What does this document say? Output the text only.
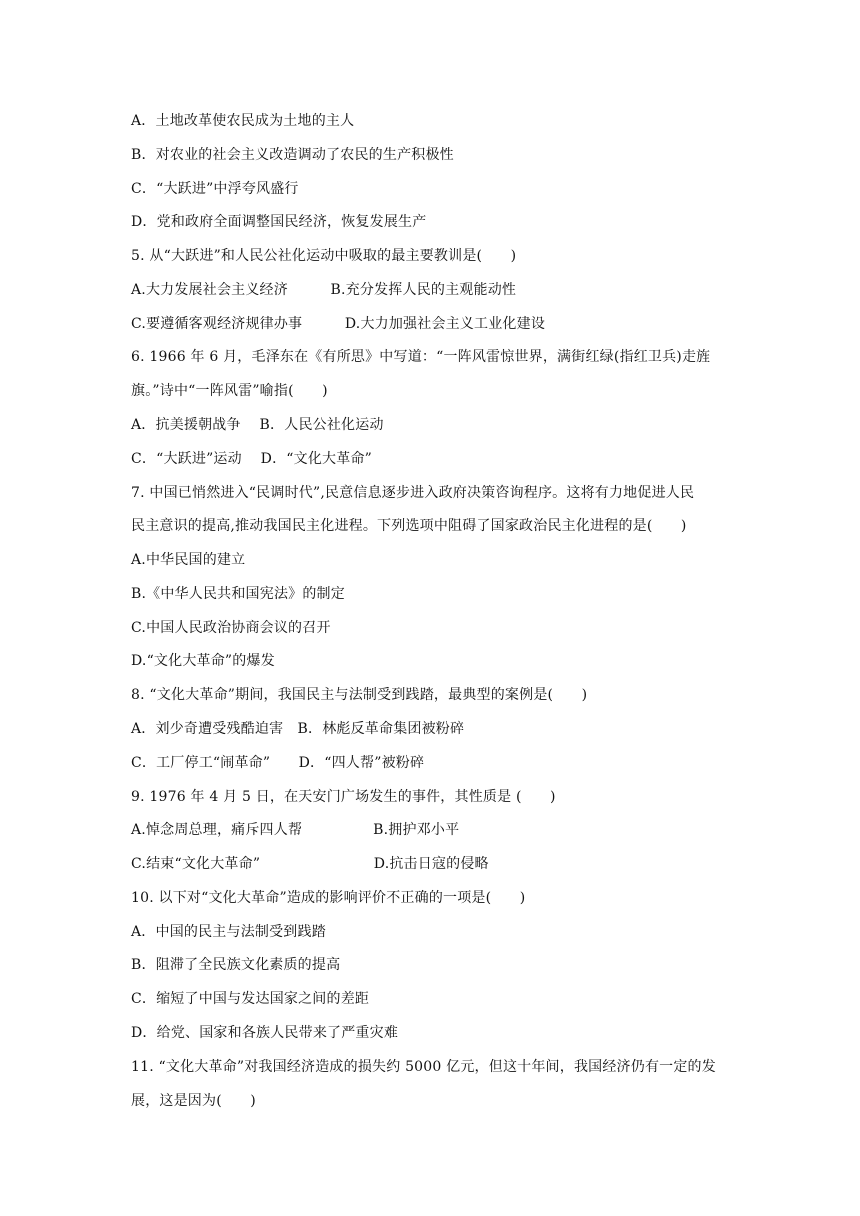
A．土地改革使农民成为土地的主人
B．对农业的社会主义改造调动了农民的生产积极性
C．“大跃进”中浮夸风盛行
D．党和政府全面调整国民经济，恢复发展生产
5. 从“大跃进”和人民公社化运动中吸取的最主要教训是(　　)
A.大力发展社会主义经济　　　B.充分发挥人民的主观能动性
C.要遵循客观经济规律办事　　　D.大力加强社会主义工业化建设
6. 1966 年 6 月，毛泽东在《有所思》中写道：“一阵风雷惊世界，满街红绿(指红卫兵)走旌
旗。”诗中“一阵风雷”喻指(　　)
A．抗美援朝战争　 B．人民公社化运动
C．“大跃进”运动　 D．“文化大革命”
7. 中国已悄然进入“民调时代”,民意信息逐步进入政府决策咨询程序。这将有力地促进人民
民主意识的提高,推动我国民主化进程。下列选项中阻碍了国家政治民主化进程的是(　　)
A.中华民国的建立
B.《中华人民共和国宪法》的制定
C.中国人民政治协商会议的召开
D.“文化大革命”的爆发
8. “文化大革命”期间，我国民主与法制受到践踏，最典型的案例是(　　)
A．刘少奇遭受残酷迫害　B．林彪反革命集团被粉碎
C．工厂停工“闹革命”　　D．“四人帮”被粉碎
9. 1976 年 4 月 5 日，在天安门广场发生的事件，其性质是 (　　)
A.悼念周总理，痛斥四人帮　　　　　B.拥护邓小平
C.结束“文化大革命”　　　　　　　　D.抗击日寇的侵略
10. 以下对“文化大革命”造成的影响评价不正确的一项是(　　)
A．中国的民主与法制受到践踏
B．阻滞了全民族文化素质的提高
C．缩短了中国与发达国家之间的差距
D．给党、国家和各族人民带来了严重灾难
11. “文化大革命”对我国经济造成的损失约 5000 亿元，但这十年间，我国经济仍有一定的发
展，这是因为(　　)
